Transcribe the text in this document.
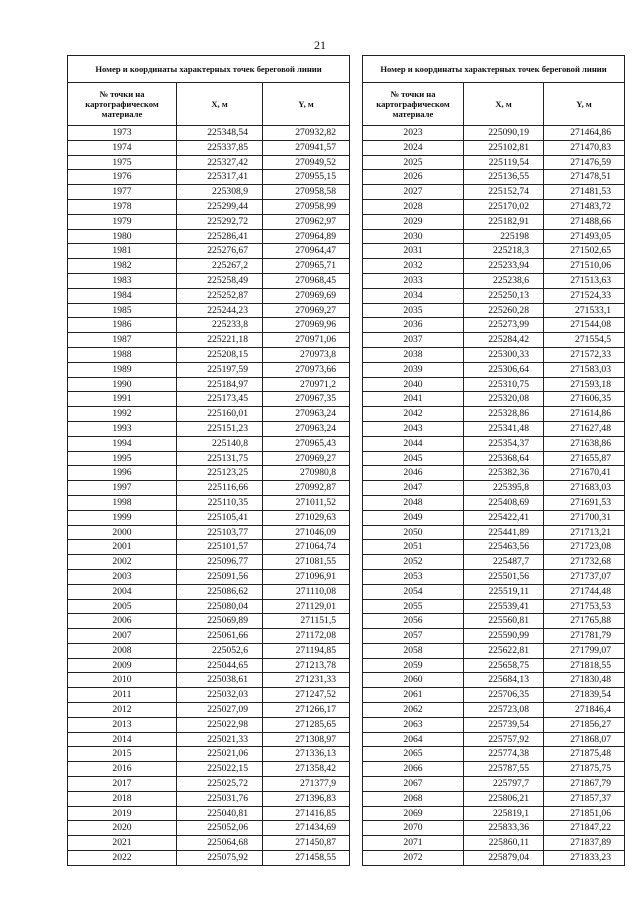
21
Номер и координаты характерных точек береговой линии		
№ точки на картографическом материале	X, м	Y, м
1973	225348,54	270932,82
1974	225337,85	270941,57
1975	225327,42	270949,52
1976	225317,41	270955,15
1977	225308,9	270958,58
1978	225299,44	270958,99
1979	225292,72	270962,97
1980	225286,41	270964,89
1981	225276,67	270964,47
1982	225267,2	270965,71
1983	225258,49	270968,45
1984	225252,87	270969,69
1985	225244,23	270969,27
1986	225233,8	270969,96
1987	225221,18	270971,06
1988	225208,15	270973,8
1989	225197,59	270973,66
1990	225184,97	270971,2
1991	225173,45	270967,35
1992	225160,01	270963,24
1993	225151,23	270963,24
1994	225140,8	270965,43
1995	225131,75	270969,27
1996	225123,25	270980,8
1997	225116,66	270992,87
1998	225110,35	271011,52
1999	225105,41	271029,63
2000	225103,77	271046,09
2001	225101,57	271064,74
2002	225096,77	271081,55
2003	225091,56	271096,91
2004	225086,62	271110,08
2005	225080,04	271129,01
2006	225069,89	271151,5
2007	225061,66	271172,08
2008	225052,6	271194,85
2009	225044,65	271213,78
2010	225038,61	271231,33
2011	225032,03	271247,52
2012	225027,09	271266,17
2013	225022,98	271285,65
2014	225021,33	271308,97
2015	225021,06	271336,13
2016	225022,15	271358,42
2017	225025,72	271377,9
2018	225031,76	271396,83
2019	225040,81	271416,85
2020	225052,06	271434,69
2021	225064,68	271450,87
2022	225075,92	271458,55
Номер и координаты характерных точек береговой линии		
№ точки на картографическом материале	X, м	Y, м
2023	225090,19	271464,86
2024	225102,81	271470,83
2025	225119,54	271476,59
2026	225136,55	271478,51
2027	225152,74	271481,53
2028	225170,02	271483,72
2029	225182,91	271488,66
2030	225198	271493,05
2031	225218,3	271502,65
2032	225233,94	271510,06
2033	225238,6	271513,63
2034	225250,13	271524,33
2035	225260,28	271533,1
2036	225273,99	271544,08
2037	225284,42	271554,5
2038	225300,33	271572,33
2039	225306,64	271583,03
2040	225310,75	271593,18
2041	225320,08	271606,35
2042	225328,86	271614,86
2043	225341,48	271627,48
2044	225354,37	271638,86
2045	225368,64	271655,87
2046	225382,36	271670,41
2047	225395,8	271683,03
2048	225408,69	271691,53
2049	225422,41	271700,31
2050	225441,89	271713,21
2051	225463,56	271723,08
2052	225487,7	271732,68
2053	225501,56	271737,07
2054	225519,11	271744,48
2055	225539,41	271753,53
2056	225560,81	271765,88
2057	225590,99	271781,79
2058	225622,81	271799,07
2059	225658,75	271818,55
2060	225684,13	271830,48
2061	225706,35	271839,54
2062	225723,08	271846,4
2063	225739,54	271856,27
2064	225757,92	271868,07
2065	225774,38	271875,48
2066	225787,55	271875,75
2067	225797,7	271867,79
2068	225806,21	271857,37
2069	225819,1	271851,06
2070	225833,36	271847,22
2071	225860,11	271837,89
2072	225879,04	271833,23
